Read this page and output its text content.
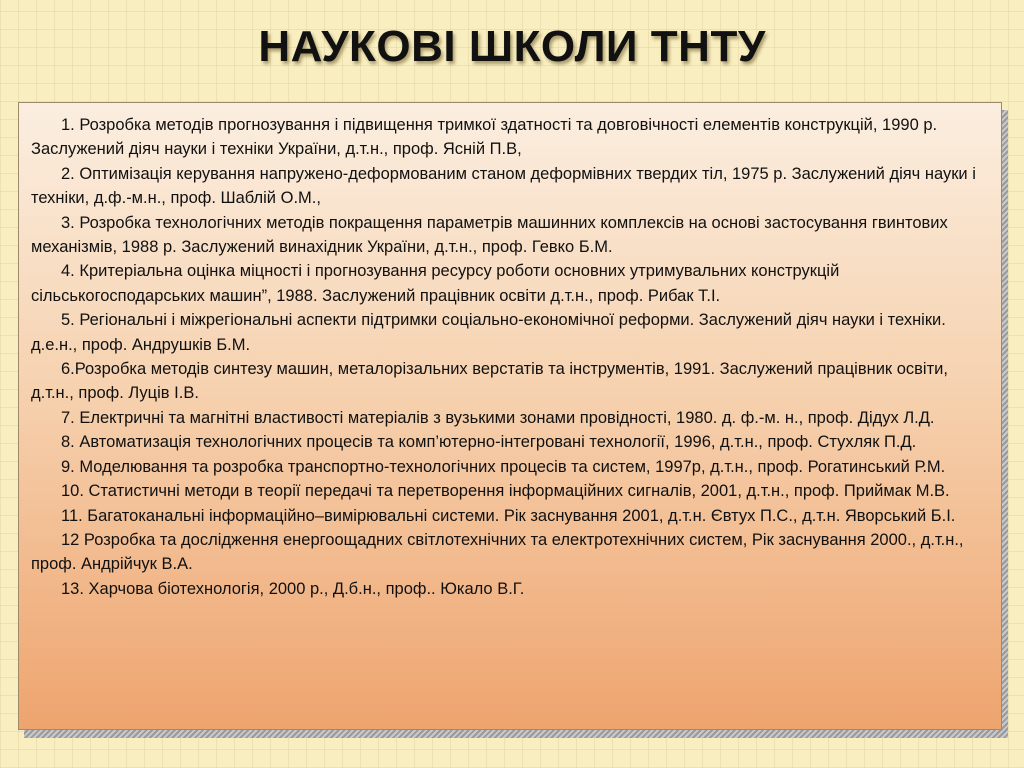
НАУКОВІ ШКОЛИ ТНТУ
1. Розробка методів прогнозування і підвищення тримкої здатності та довговічності елементів конструкцій, 1990 р. Заслужений діяч науки і техніки України, д.т.н., проф. Ясній П.В,
2. Оптимізація керування напружено-деформованим станом деформівних твердих тіл, 1975 р. Заслужений діяч науки і техніки, д.ф.-м.н., проф. Шаблій О.М.,
3. Розробка технологічних методів покращення параметрів машинних комплексів на основі застосування гвинтових механізмів, 1988 р. Заслужений винахідник України, д.т.н., проф. Гевко Б.М.
4. Критеріальна оцінка міцності і прогнозування ресурсу роботи основних утримувальних конструкцій сільськогосподарських машин”, 1988. Заслужений працівник освіти д.т.н., проф. Рибак Т.І.
5. Регіональні і міжрегіональні аспекти підтримки соціально-економічної реформи. Заслужений діяч науки і техніки. д.е.н., проф. Андрушків Б.М.
6.Розробка методів синтезу машин, металорізальних верстатів та інструментів, 1991. Заслужений працівник освіти, д.т.н., проф. Луців І.В.
7. Електричні та магнітні властивості матеріалів з вузькими зонами провідності, 1980. д. ф.-м. н., проф. Дідух Л.Д.
8. Автоматизація технологічних процесів та комп’ютерно-інтегровані технології, 1996, д.т.н., проф. Стухляк П.Д.
9. Моделювання та розробка транспортно-технологічних процесів та систем, 1997р, д.т.н., проф. Рогатинський Р.М.
10. Статистичні методи в теорії передачі та перетворення інформаційних сигналів, 2001, д.т.н., проф. Приймак М.В.
11. Багатоканальні інформаційно–вимірювальні системи. Рік заснування 2001, д.т.н. Євтух П.С., д.т.н. Яворський Б.І.
12 Розробка та дослідження енергоощадних світлотехнічних та електротехнічних систем, Рік заснування 2000., д.т.н., проф. Андрійчук В.А.
13. Харчова біотехнологія, 2000 р., Д.б.н., проф.. Юкало В.Г.
